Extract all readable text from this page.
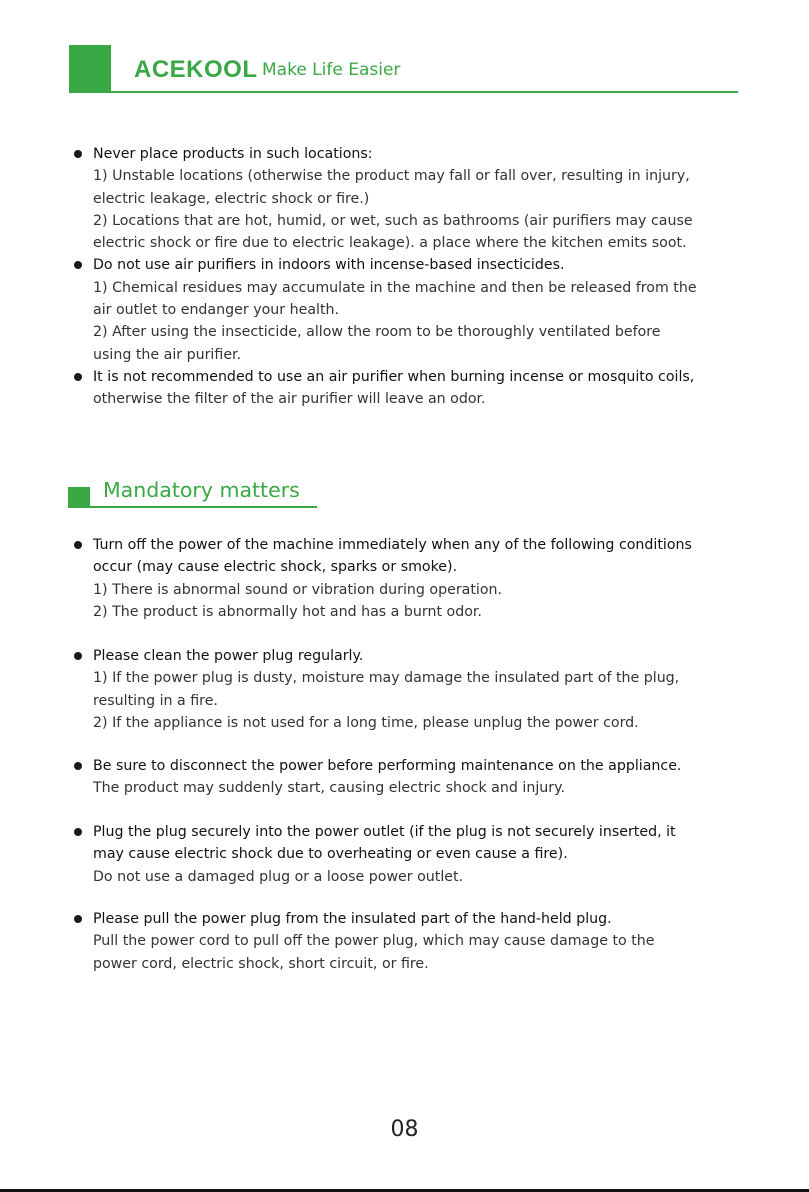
ACEKOOL Make Life Easier
Never place products in such locations:
1) Unstable locations (otherwise the product may fall or fall over, resulting in injury,
electric leakage, electric shock or fire.)
2) Locations that are hot, humid, or wet, such as bathrooms (air purifiers may cause
electric shock or fire due to electric leakage). a place where the kitchen emits soot.
Do not use air purifiers in indoors with incense-based insecticides.
1) Chemical residues may accumulate in the machine and then be released from the
air outlet to endanger your health.
2) After using the insecticide, allow the room to be thoroughly ventilated before
using the air purifier.
It is not recommended to use an air purifier when burning incense or mosquito coils,
otherwise the filter of the air purifier will leave an odor.
Mandatory matters
Turn off the power of the machine immediately when any of the following conditions
occur (may cause electric shock, sparks or smoke).
1) There is abnormal sound or vibration during operation.
2) The product is abnormally hot and has a burnt odor.
Please clean the power plug regularly.
1) If the power plug is dusty, moisture may damage the insulated part of the plug,
resulting in a fire.
2) If the appliance is not used for a long time, please unplug the power cord.
Be sure to disconnect the power before performing maintenance on the appliance.
The product may suddenly start, causing electric shock and injury.
Plug the plug securely into the power outlet (if the plug is not securely inserted, it
may cause electric shock due to overheating or even cause a fire).
Do not use a damaged plug or a loose power outlet.
Please pull the power plug from the insulated part of the hand-held plug.
Pull the power cord to pull off the power plug, which may cause damage to the
power cord, electric shock, short circuit, or fire.
08
